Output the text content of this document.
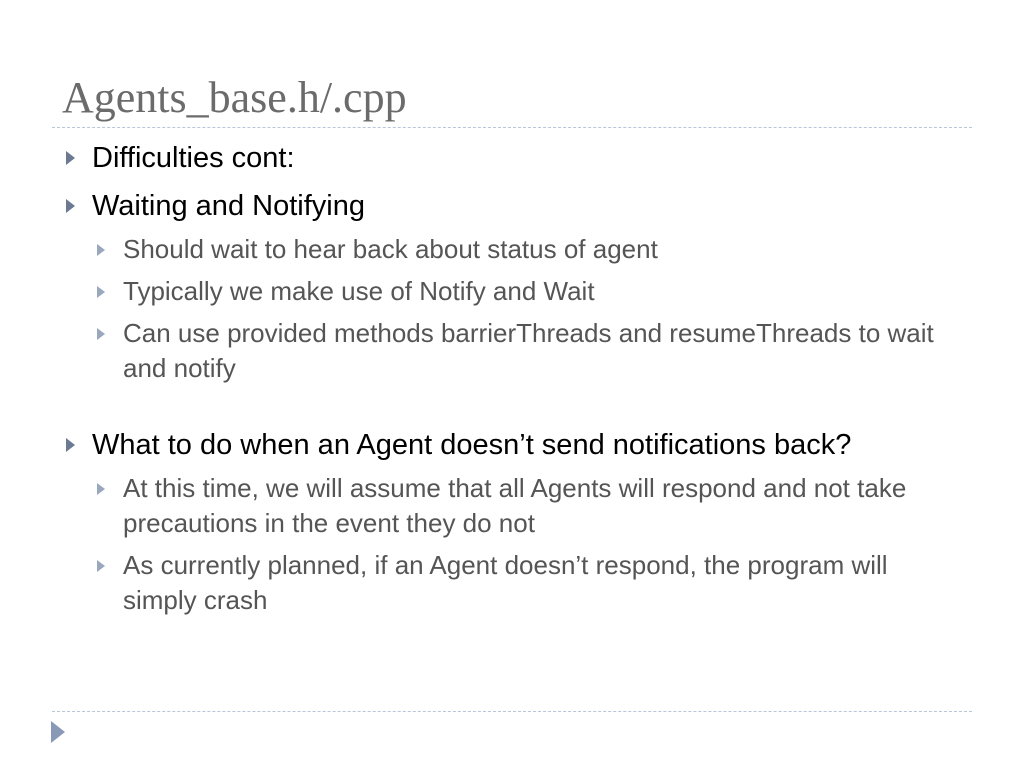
Agents_base.h/.cpp
Difficulties cont:
Waiting and Notifying
Should wait to hear back about status of agent
Typically we make use of Notify and Wait
Can use provided methods barrierThreads and resumeThreads to wait and notify
What to do when an Agent doesn’t send notifications back?
At this time, we will assume that all Agents will respond and not take precautions in the event they do not
As currently planned, if an Agent doesn’t respond, the program will simply crash
